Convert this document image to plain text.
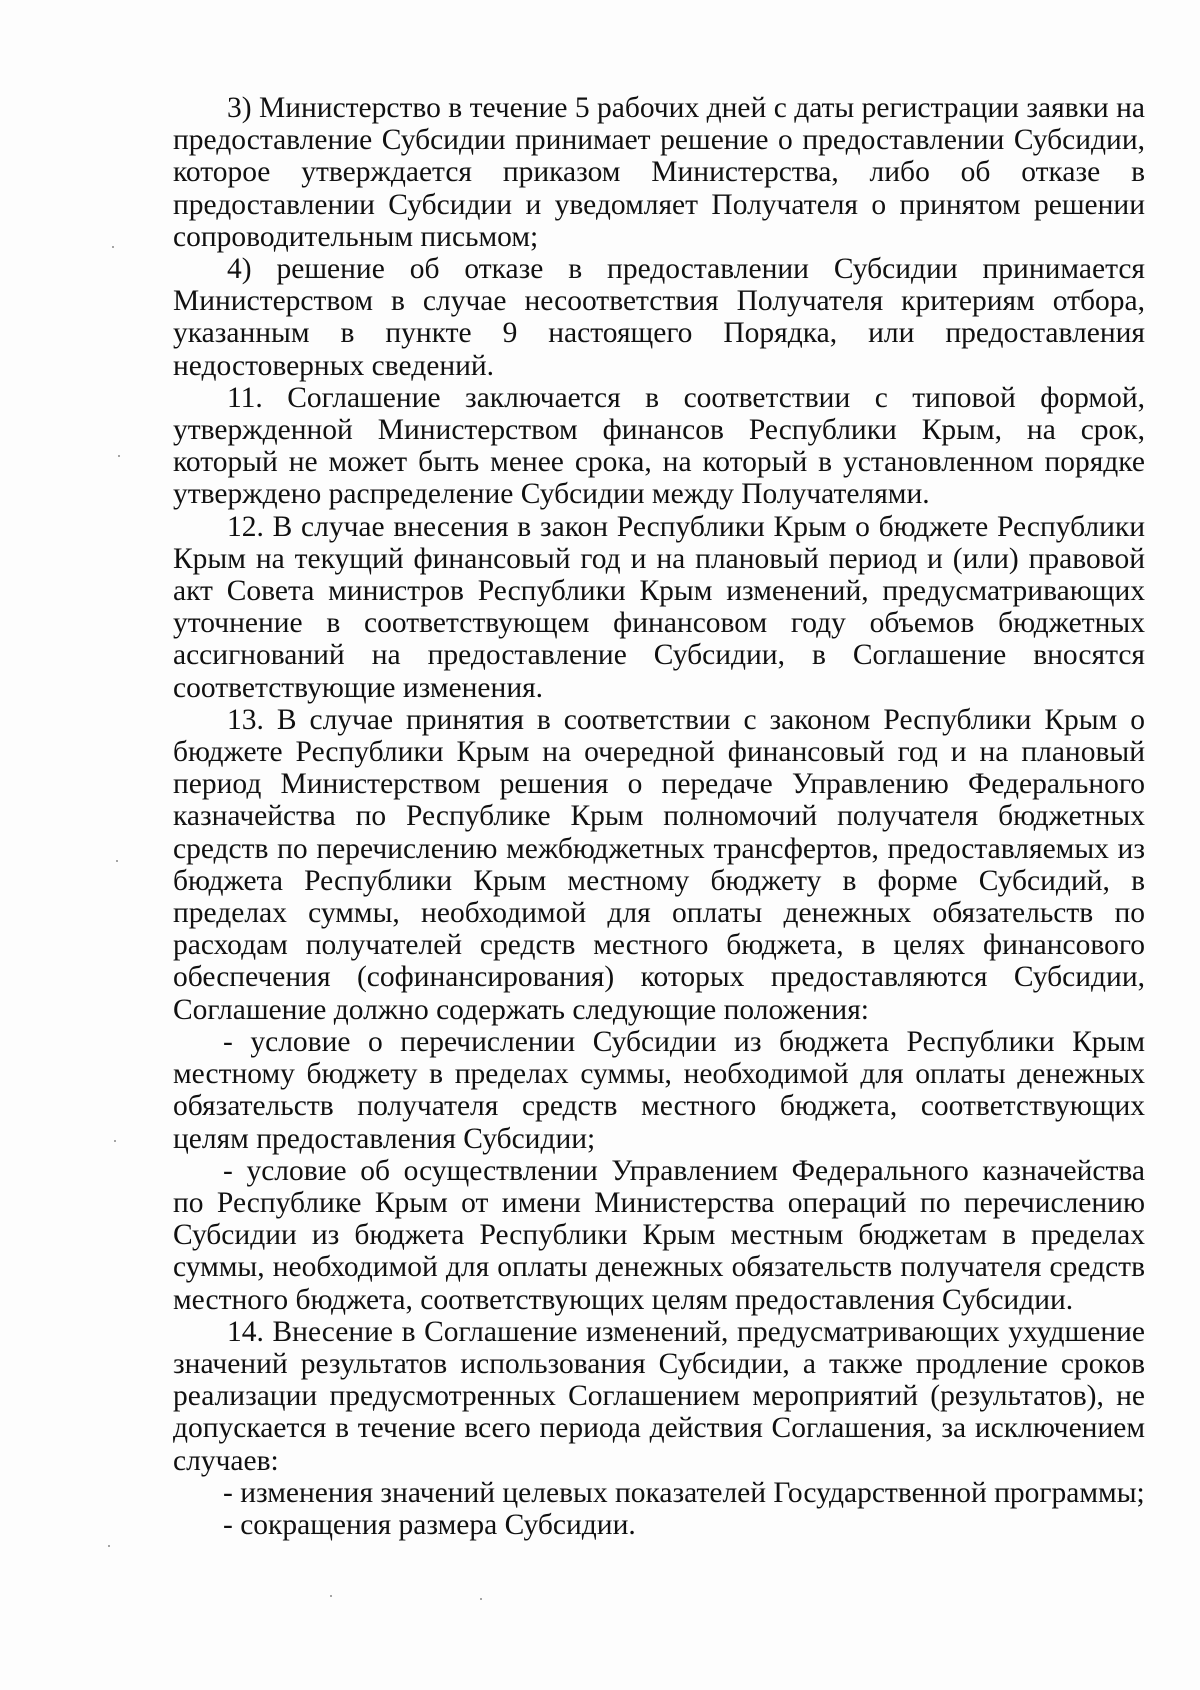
3) Министерство в течение 5 рабочих дней с даты регистрации заявки на предоставление Субсидии принимает решение о предоставлении Субсидии, которое утверждается приказом Министерства, либо об отказе в предоставлении Субсидии и уведомляет Получателя о принятом решении сопроводительным письмом;

4) решение об отказе в предоставлении Субсидии принимается Министерством в случае несоответствия Получателя критериям отбора, указанным в пункте 9 настоящего Порядка, или предоставления недостоверных сведений.

11. Соглашение заключается в соответствии с типовой формой, утвержденной Министерством финансов Республики Крым, на срок, который не может быть менее срока, на который в установленном порядке утверждено распределение Субсидии между Получателями.

12. В случае внесения в закон Республики Крым о бюджете Республики Крым на текущий финансовый год и на плановый период и (или) правовой акт Совета министров Республики Крым изменений, предусматривающих уточнение в соответствующем финансовом году объемов бюджетных ассигнований на предоставление Субсидии, в Соглашение вносятся соответствующие изменения.

13. В случае принятия в соответствии с законом Республики Крым о бюджете Республики Крым на очередной финансовый год и на плановый период Министерством решения о передаче Управлению Федерального казначейства по Республике Крым полномочий получателя бюджетных средств по перечислению межбюджетных трансфертов, предоставляемых из бюджета Республики Крым местному бюджету в форме Субсидий, в пределах суммы, необходимой для оплаты денежных обязательств по расходам получателей средств местного бюджета, в целях финансового обеспечения (софинансирования) которых предоставляются Субсидии, Соглашение должно содержать следующие положения:

- условие о перечислении Субсидии из бюджета Республики Крым местному бюджету в пределах суммы, необходимой для оплаты денежных обязательств получателя средств местного бюджета, соответствующих целям предоставления Субсидии;

- условие об осуществлении Управлением Федерального казначейства по Республике Крым от имени Министерства операций по перечислению Субсидии из бюджета Республики Крым местным бюджетам в пределах суммы, необходимой для оплаты денежных обязательств получателя средств местного бюджета, соответствующих целям предоставления Субсидии.

14. Внесение в Соглашение изменений, предусматривающих ухудшение значений результатов использования Субсидии, а также продление сроков реализации предусмотренных Соглашением мероприятий (результатов), не допускается в течение всего периода действия Соглашения, за исключением случаев:

- изменения значений целевых показателей Государственной программы;

- сокращения размера Субсидии.
